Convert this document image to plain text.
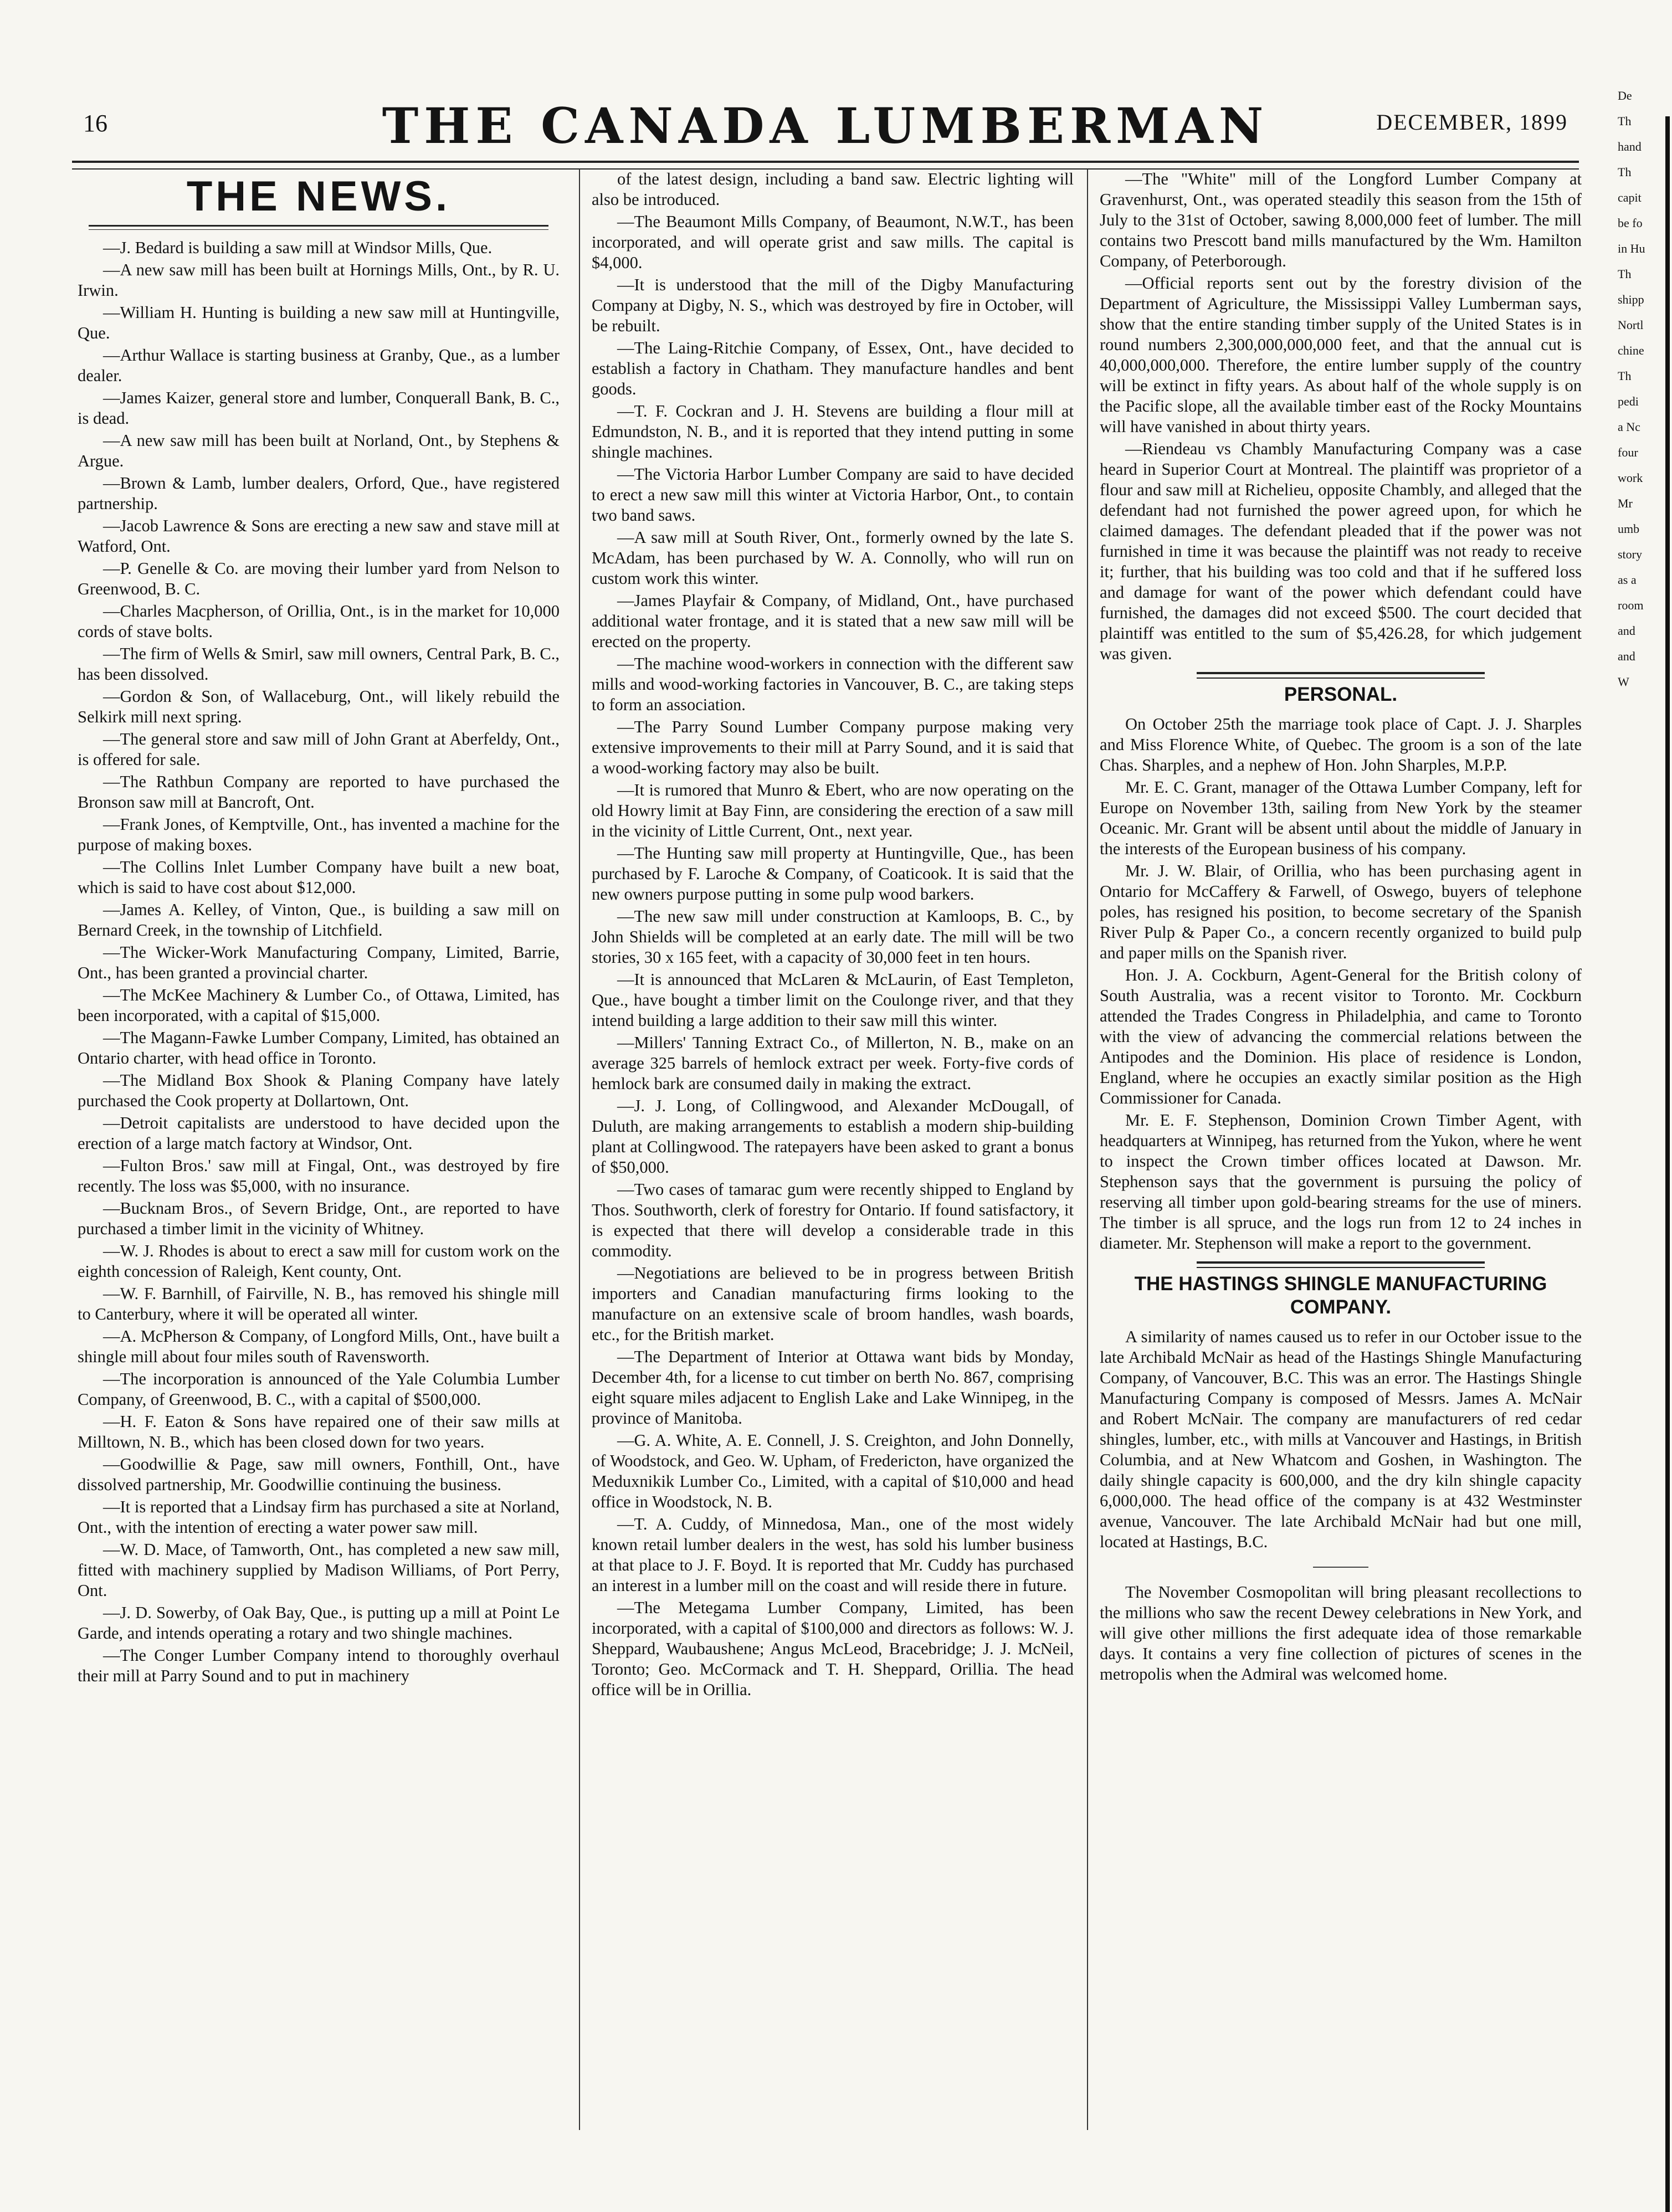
16	THE CANADA LUMBERMAN	DECEMBER, 1899
THE NEWS.

—J. Bedard is building a saw mill at Windsor Mills, Que.

—A new saw mill has been built at Hornings Mills, Ont., by R. U. Irwin.

—William H. Hunting is building a new saw mill at Huntingville, Que.

—Arthur Wallace is starting business at Granby, Que., as a lumber dealer.

—James Kaizer, general store and lumber, Conquerall Bank, B. C., is dead.

—A new saw mill has been built at Norland, Ont., by Stephens & Argue.

—Brown & Lamb, lumber dealers, Orford, Que., have registered partnership.

—Jacob Lawrence & Sons are erecting a new saw and stave mill at Watford, Ont.

—P. Genelle & Co. are moving their lumber yard from Nelson to Greenwood, B. C.

—Charles Macpherson, of Orillia, Ont., is in the market for 10,000 cords of stave bolts.

—The firm of Wells & Smirl, saw mill owners, Central Park, B. C., has been dissolved.

—Gordon & Son, of Wallaceburg, Ont., will likely rebuild the Selkirk mill next spring.

—The general store and saw mill of John Grant at Aberfeldy, Ont., is offered for sale.

—The Rathbun Company are reported to have purchased the Bronson saw mill at Bancroft, Ont.

—Frank Jones, of Kemptville, Ont., has invented a machine for the purpose of making boxes.

—The Collins Inlet Lumber Company have built a new boat, which is said to have cost about $12,000.

—James A. Kelley, of Vinton, Que., is building a saw mill on Bernard Creek, in the township of Litchfield.

—The Wicker-Work Manufacturing Company, Limited, Barrie, Ont., has been granted a provincial charter.

—The McKee Machinery & Lumber Co., of Ottawa, Limited, has been incorporated, with a capital of $15,000.

—The Magann-Fawke Lumber Company, Limited, has obtained an Ontario charter, with head office in Toronto.

—The Midland Box Shook & Planing Company have lately purchased the Cook property at Dollartown, Ont.

—Detroit capitalists are understood to have decided upon the erection of a large match factory at Windsor, Ont.

—Fulton Bros.' saw mill at Fingal, Ont., was destroyed by fire recently. The loss was $5,000, with no insurance.

—Bucknam Bros., of Severn Bridge, Ont., are reported to have purchased a timber limit in the vicinity of Whitney.

—W. J. Rhodes is about to erect a saw mill for custom work on the eighth concession of Raleigh, Kent county, Ont.

—W. F. Barnhill, of Fairville, N. B., has removed his shingle mill to Canterbury, where it will be operated all winter.

—A. McPherson & Company, of Longford Mills, Ont., have built a shingle mill about four miles south of Ravensworth.

—The incorporation is announced of the Yale Columbia Lumber Company, of Greenwood, B. C., with a capital of $500,000.

—H. F. Eaton & Sons have repaired one of their saw mills at Milltown, N. B., which has been closed down for two years.

—Goodwillie & Page, saw mill owners, Fonthill, Ont., have dissolved partnership, Mr. Goodwillie continuing the business.

—It is reported that a Lindsay firm has purchased a site at Norland, Ont., with the intention of erecting a water power saw mill.

—W. D. Mace, of Tamworth, Ont., has completed a new saw mill, fitted with machinery supplied by Madison Williams, of Port Perry, Ont.

—J. D. Sowerby, of Oak Bay, Que., is putting up a mill at Point Le Garde, and intends operating a rotary and two shingle machines.

—The Conger Lumber Company intend to thoroughly overhaul their mill at Parry Sound and to put in machinery

of the latest design, including a band saw. Electric lighting will also be introduced.

—The Beaumont Mills Company, of Beaumont, N.W.T., has been incorporated, and will operate grist and saw mills. The capital is $4,000.

—It is understood that the mill of the Digby Manufacturing Company at Digby, N. S., which was destroyed by fire in October, will be rebuilt.

—The Laing-Ritchie Company, of Essex, Ont., have decided to establish a factory in Chatham. They manufacture handles and bent goods.

—T. F. Cockran and J. H. Stevens are building a flour mill at Edmundston, N. B., and it is reported that they intend putting in some shingle machines.

—The Victoria Harbor Lumber Company are said to have decided to erect a new saw mill this winter at Victoria Harbor, Ont., to contain two band saws.

—A saw mill at South River, Ont., formerly owned by the late S. McAdam, has been purchased by W. A. Connolly, who will run on custom work this winter.

—James Playfair & Company, of Midland, Ont., have purchased additional water frontage, and it is stated that a new saw mill will be erected on the property.

—The machine wood-workers in connection with the different saw mills and wood-working factories in Vancouver, B. C., are taking steps to form an association.

—The Parry Sound Lumber Company purpose making very extensive improvements to their mill at Parry Sound, and it is said that a wood-working factory may also be built.

—It is rumored that Munro & Ebert, who are now operating on the old Howry limit at Bay Finn, are considering the erection of a saw mill in the vicinity of Little Current, Ont., next year.

—The Hunting saw mill property at Huntingville, Que., has been purchased by F. Laroche & Company, of Coaticook. It is said that the new owners purpose putting in some pulp wood barkers.

—The new saw mill under construction at Kamloops, B. C., by John Shields will be completed at an early date. The mill will be two stories, 30 x 165 feet, with a capacity of 30,000 feet in ten hours.

—It is announced that McLaren & McLaurin, of East Templeton, Que., have bought a timber limit on the Coulonge river, and that they intend building a large addition to their saw mill this winter.

—Millers' Tanning Extract Co., of Millerton, N. B., make on an average 325 barrels of hemlock extract per week. Forty-five cords of hemlock bark are consumed daily in making the extract.

—J. J. Long, of Collingwood, and Alexander McDougall, of Duluth, are making arrangements to establish a modern ship-building plant at Collingwood. The ratepayers have been asked to grant a bonus of $50,000.

—Two cases of tamarac gum were recently shipped to England by Thos. Southworth, clerk of forestry for Ontario. If found satisfactory, it is expected that there will develop a considerable trade in this commodity.

—Negotiations are believed to be in progress between British importers and Canadian manufacturing firms looking to the manufacture on an extensive scale of broom handles, wash boards, etc., for the British market.

—The Department of Interior at Ottawa want bids by Monday, December 4th, for a license to cut timber on berth No. 867, comprising eight square miles adjacent to English Lake and Lake Winnipeg, in the province of Manitoba.

—G. A. White, A. E. Connell, J. S. Creighton, and John Donnelly, of Woodstock, and Geo. W. Upham, of Fredericton, have organized the Meduxnikik Lumber Co., Limited, with a capital of $10,000 and head office in Woodstock, N. B.

—T. A. Cuddy, of Minnedosa, Man., one of the most widely known retail lumber dealers in the west, has sold his lumber business at that place to J. F. Boyd. It is reported that Mr. Cuddy has purchased an interest in a lumber mill on the coast and will reside there in future.

—The Metegama Lumber Company, Limited, has been incorporated, with a capital of $100,000 and directors as follows: W. J. Sheppard, Waubaushene; Angus McLeod, Bracebridge; J. J. McNeil, Toronto; Geo. McCormack and T. H. Sheppard, Orillia. The head office will be in Orillia.

—The "White" mill of the Longford Lumber Company at Gravenhurst, Ont., was operated steadily this season from the 15th of July to the 31st of October, sawing 8,000,000 feet of lumber. The mill contains two Prescott band mills manufactured by the Wm. Hamilton Company, of Peterborough.

—Official reports sent out by the forestry division of the Department of Agriculture, the Mississippi Valley Lumberman says, show that the entire standing timber supply of the United States is in round numbers 2,300,000,000,000 feet, and that the annual cut is 40,000,000,000. Therefore, the entire lumber supply of the country will be extinct in fifty years. As about half of the whole supply is on the Pacific slope, all the available timber east of the Rocky Mountains will have vanished in about thirty years.

—Riendeau vs Chambly Manufacturing Company was a case heard in Superior Court at Montreal. The plaintiff was proprietor of a flour and saw mill at Richelieu, opposite Chambly, and alleged that the defendant had not furnished the power agreed upon, for which he claimed damages. The defendant pleaded that if the power was not furnished in time it was because the plaintiff was not ready to receive it; further, that his building was too cold and that if he suffered loss and damage for want of the power which defendant could have furnished, the damages did not exceed $500. The court decided that plaintiff was entitled to the sum of $5,426.28, for which judgement was given.

PERSONAL.

On October 25th the marriage took place of Capt. J. J. Sharples and Miss Florence White, of Quebec. The groom is a son of the late Chas. Sharples, and a nephew of Hon. John Sharples, M.P.P.

Mr. E. C. Grant, manager of the Ottawa Lumber Company, left for Europe on November 13th, sailing from New York by the steamer Oceanic. Mr. Grant will be absent until about the middle of January in the interests of the European business of his company.

Mr. J. W. Blair, of Orillia, who has been purchasing agent in Ontario for McCaffery & Farwell, of Oswego, buyers of telephone poles, has resigned his position, to become secretary of the Spanish River Pulp & Paper Co., a concern recently organized to build pulp and paper mills on the Spanish river.

Hon. J. A. Cockburn, Agent-General for the British colony of South Australia, was a recent visitor to Toronto. Mr. Cockburn attended the Trades Congress in Philadelphia, and came to Toronto with the view of advancing the commercial relations between the Antipodes and the Dominion. His place of residence is London, England, where he occupies an exactly similar position as the High Commissioner for Canada.

Mr. E. F. Stephenson, Dominion Crown Timber Agent, with headquarters at Winnipeg, has returned from the Yukon, where he went to inspect the Crown timber offices located at Dawson. Mr. Stephenson says that the government is pursuing the policy of reserving all timber upon gold-bearing streams for the use of miners. The timber is all spruce, and the logs run from 12 to 24 inches in diameter. Mr. Stephenson will make a report to the government.

THE HASTINGS SHINGLE MANUFACTURING COMPANY.

A similarity of names caused us to refer in our October issue to the late Archibald McNair as head of the Hastings Shingle Manufacturing Company, of Vancouver, B.C. This was an error. The Hastings Shingle Manufacturing Company is composed of Messrs. James A. McNair and Robert McNair. The company are manufacturers of red cedar shingles, lumber, etc., with mills at Vancouver and Hastings, in British Columbia, and at New Whatcom and Goshen, in Washington. The daily shingle capacity is 600,000, and the dry kiln shingle capacity 6,000,000. The head office of the company is at 432 Westminster avenue, Vancouver. The late Archibald McNair had but one mill, located at Hastings, B.C.

The November Cosmopolitan will bring pleasant recollections to the millions who saw the recent Dewey celebrations in New York, and will give other millions the first adequate idea of those remarkable days. It contains a very fine collection of pictures of scenes in the metropolis when the Admiral was welcomed home.

De
Th
hand
Th
capit
be fo
in Hu
Th
shipp
Nortl
chine
Th
pedi
a Nc
four
work
Mr
umb
story
as a
room
and
and
W
